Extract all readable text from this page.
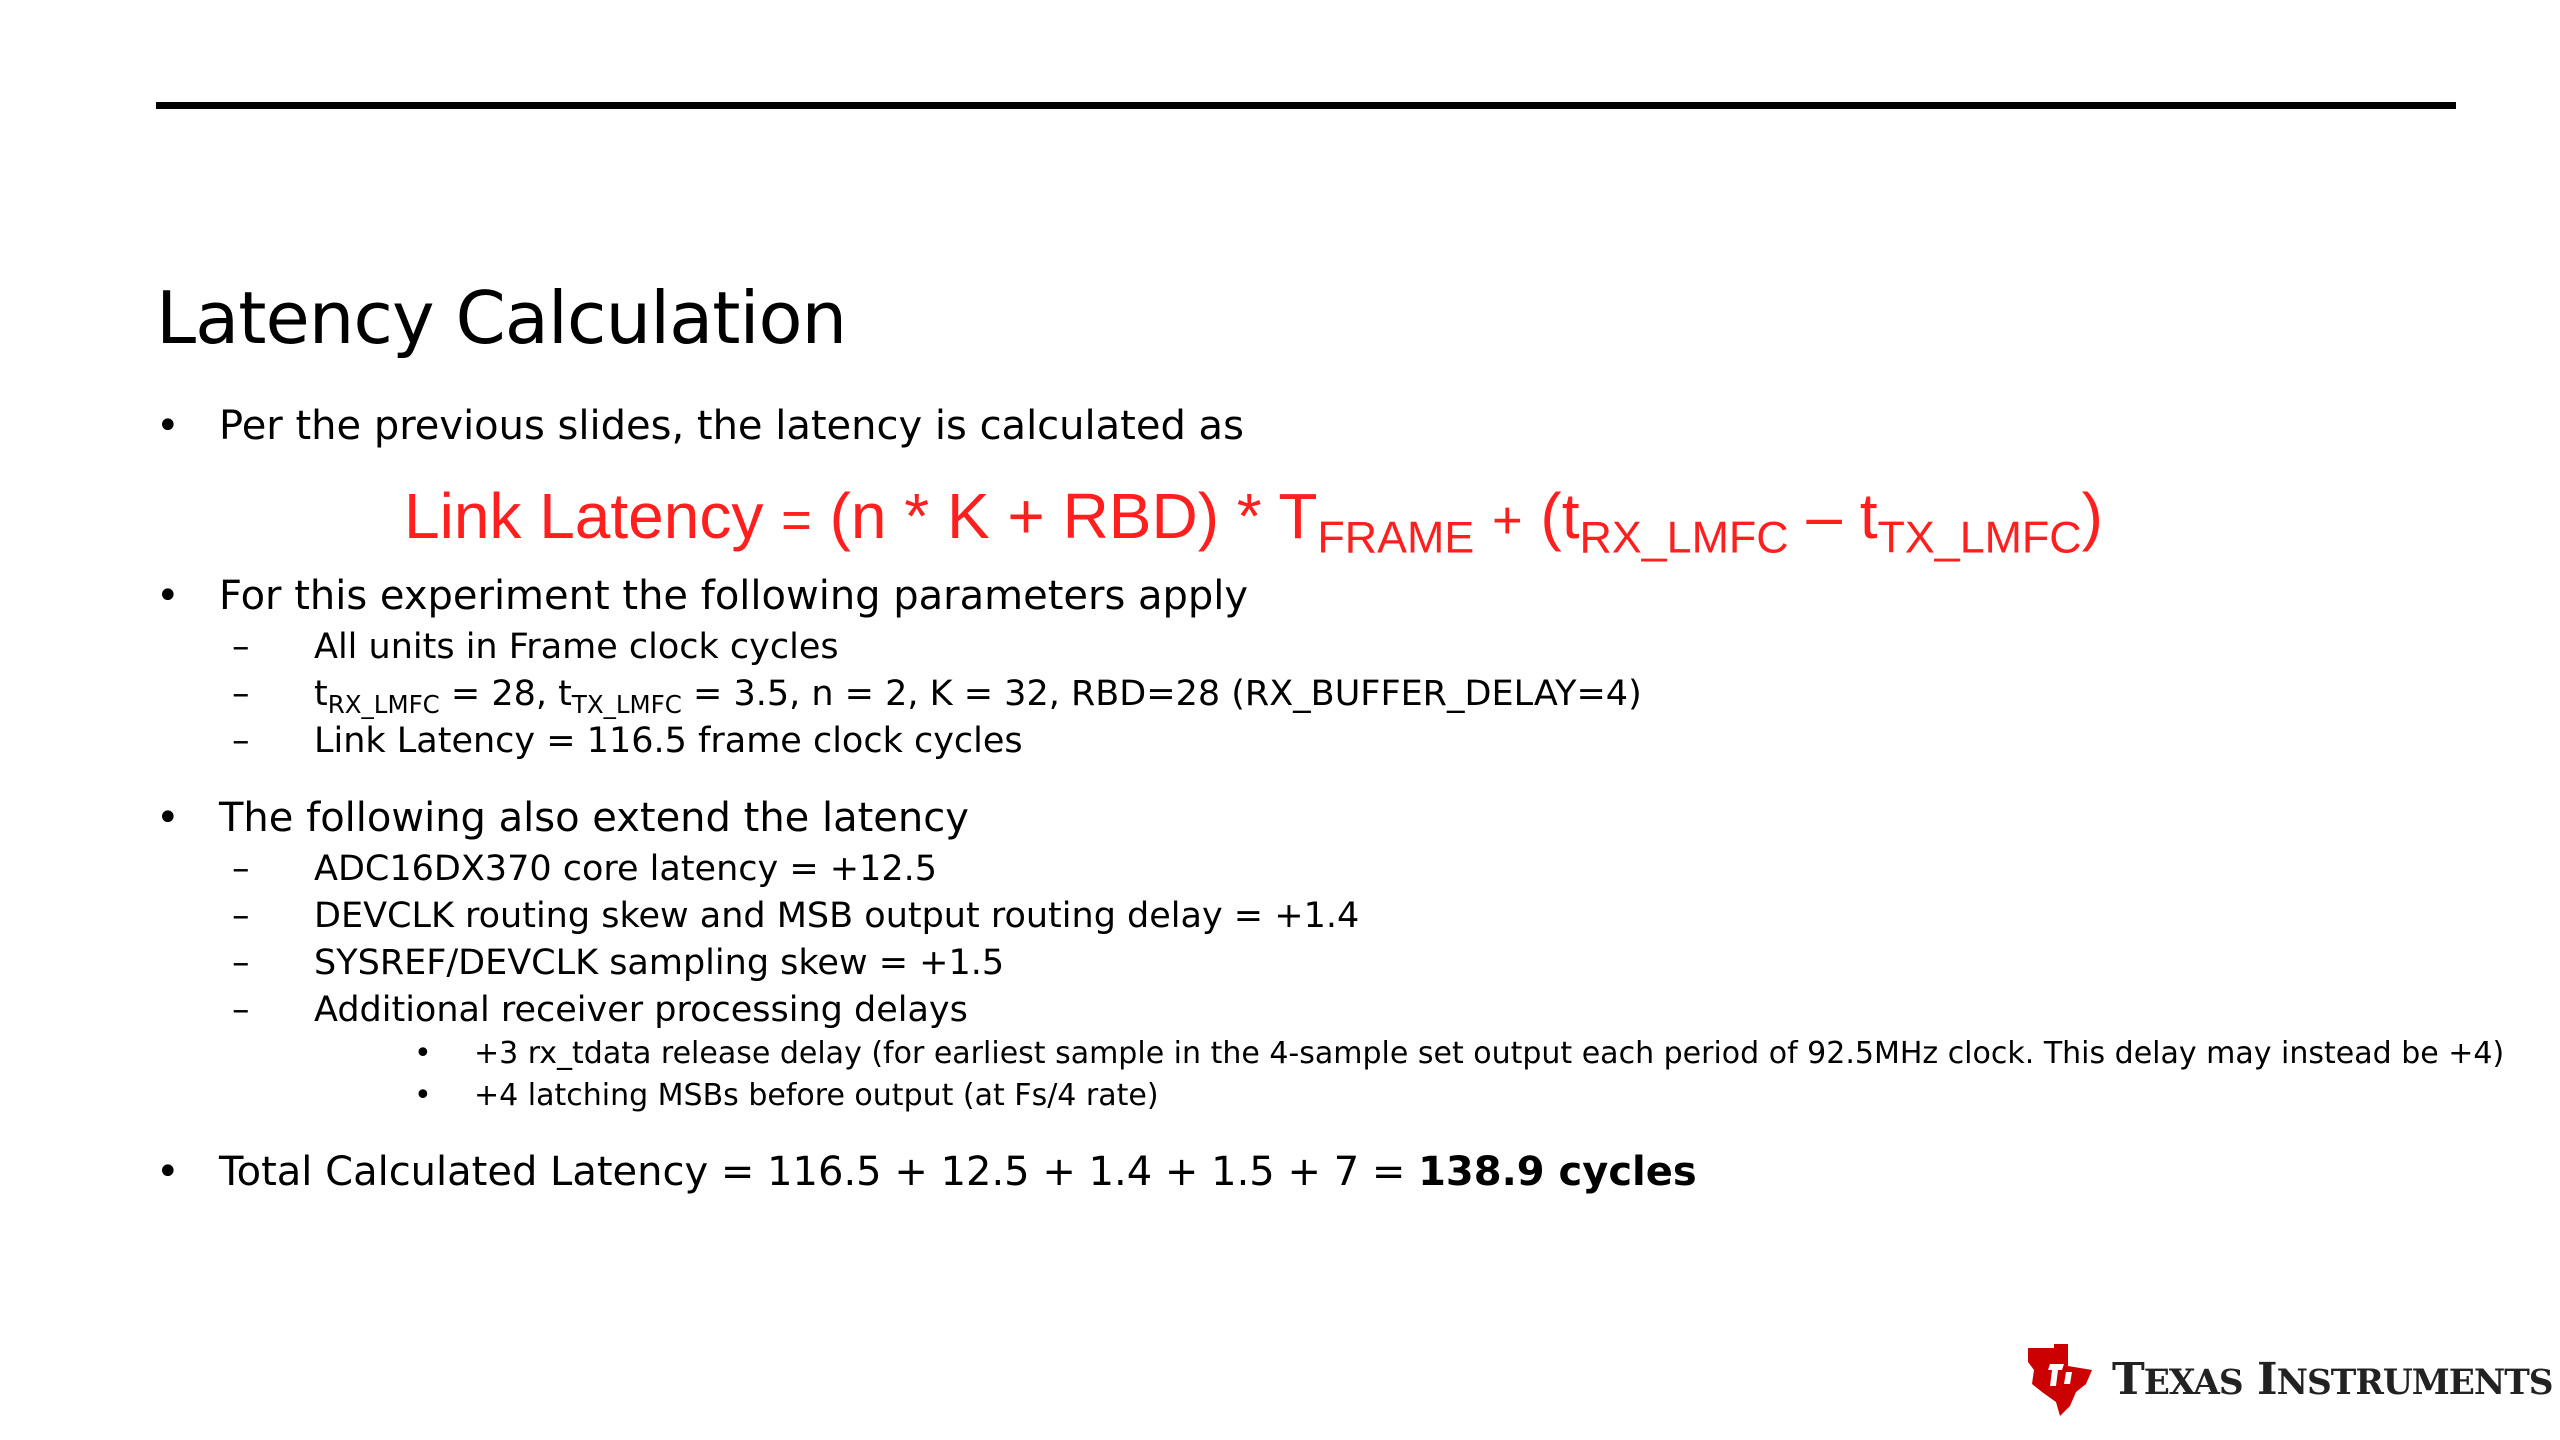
Latency Calculation
• Per the previous slides, the latency is calculated as
Link Latency = $(n * K + RBD) * T_{FRAME} + (t_{RX\_LMFC} - t_{TX\_LMFC})$
• For this experiment the following parameters apply
– All units in Frame clock cycles
– $t_{RX\_LMFC} = 28$, $t_{TX\_LMFC} = 3.5$, n = 2, K = 32, RBD=28 (RX_BUFFER_DELAY=4)
– Link Latency = 116.5 frame clock cycles
• The following also extend the latency
– ADC16DX370 core latency = +12.5
– DEVCLK routing skew and MSB output routing delay = +1.4
– SYSREF/DEVCLK sampling skew = +1.5
– Additional receiver processing delays
• +3 rx_tdata release delay (for earliest sample in the 4-sample set output each period of 92.5MHz clock. This delay may instead be +4)
• +4 latching MSBs before output (at Fs/4 rate)
• Total Calculated Latency = 116.5 + 12.5 + 1.4 + 1.5 + 7 = 138.9 cycles
TEXAS INSTRUMENTS
